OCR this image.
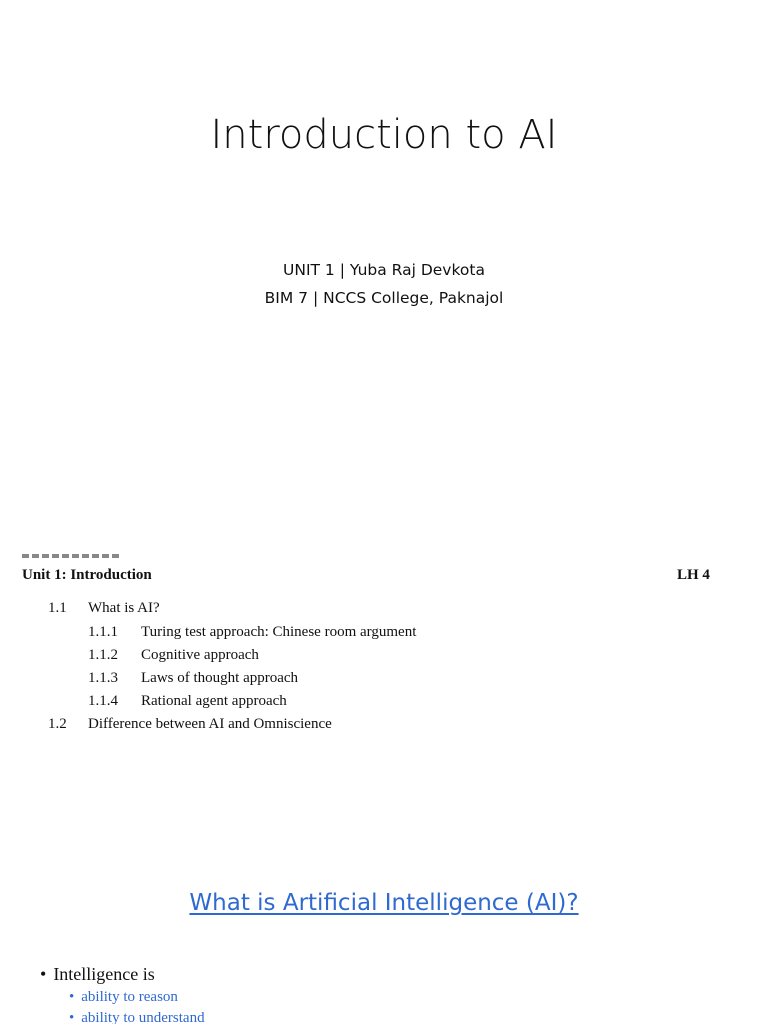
Introduction to AI
UNIT 1 | Yuba Raj Devkota
BIM 7 | NCCS College, Paknajol
Unit 1: Introduction	LH 4
1.1 What is AI?
1.1.1 Turing test approach: Chinese room argument
1.1.2 Cognitive approach
1.1.3 Laws of thought approach
1.1.4 Rational agent approach
1.2 Difference between AI and Omniscience
What is Artificial Intelligence (AI)?
• Intelligence is
• ability to reason
• ability to understand
